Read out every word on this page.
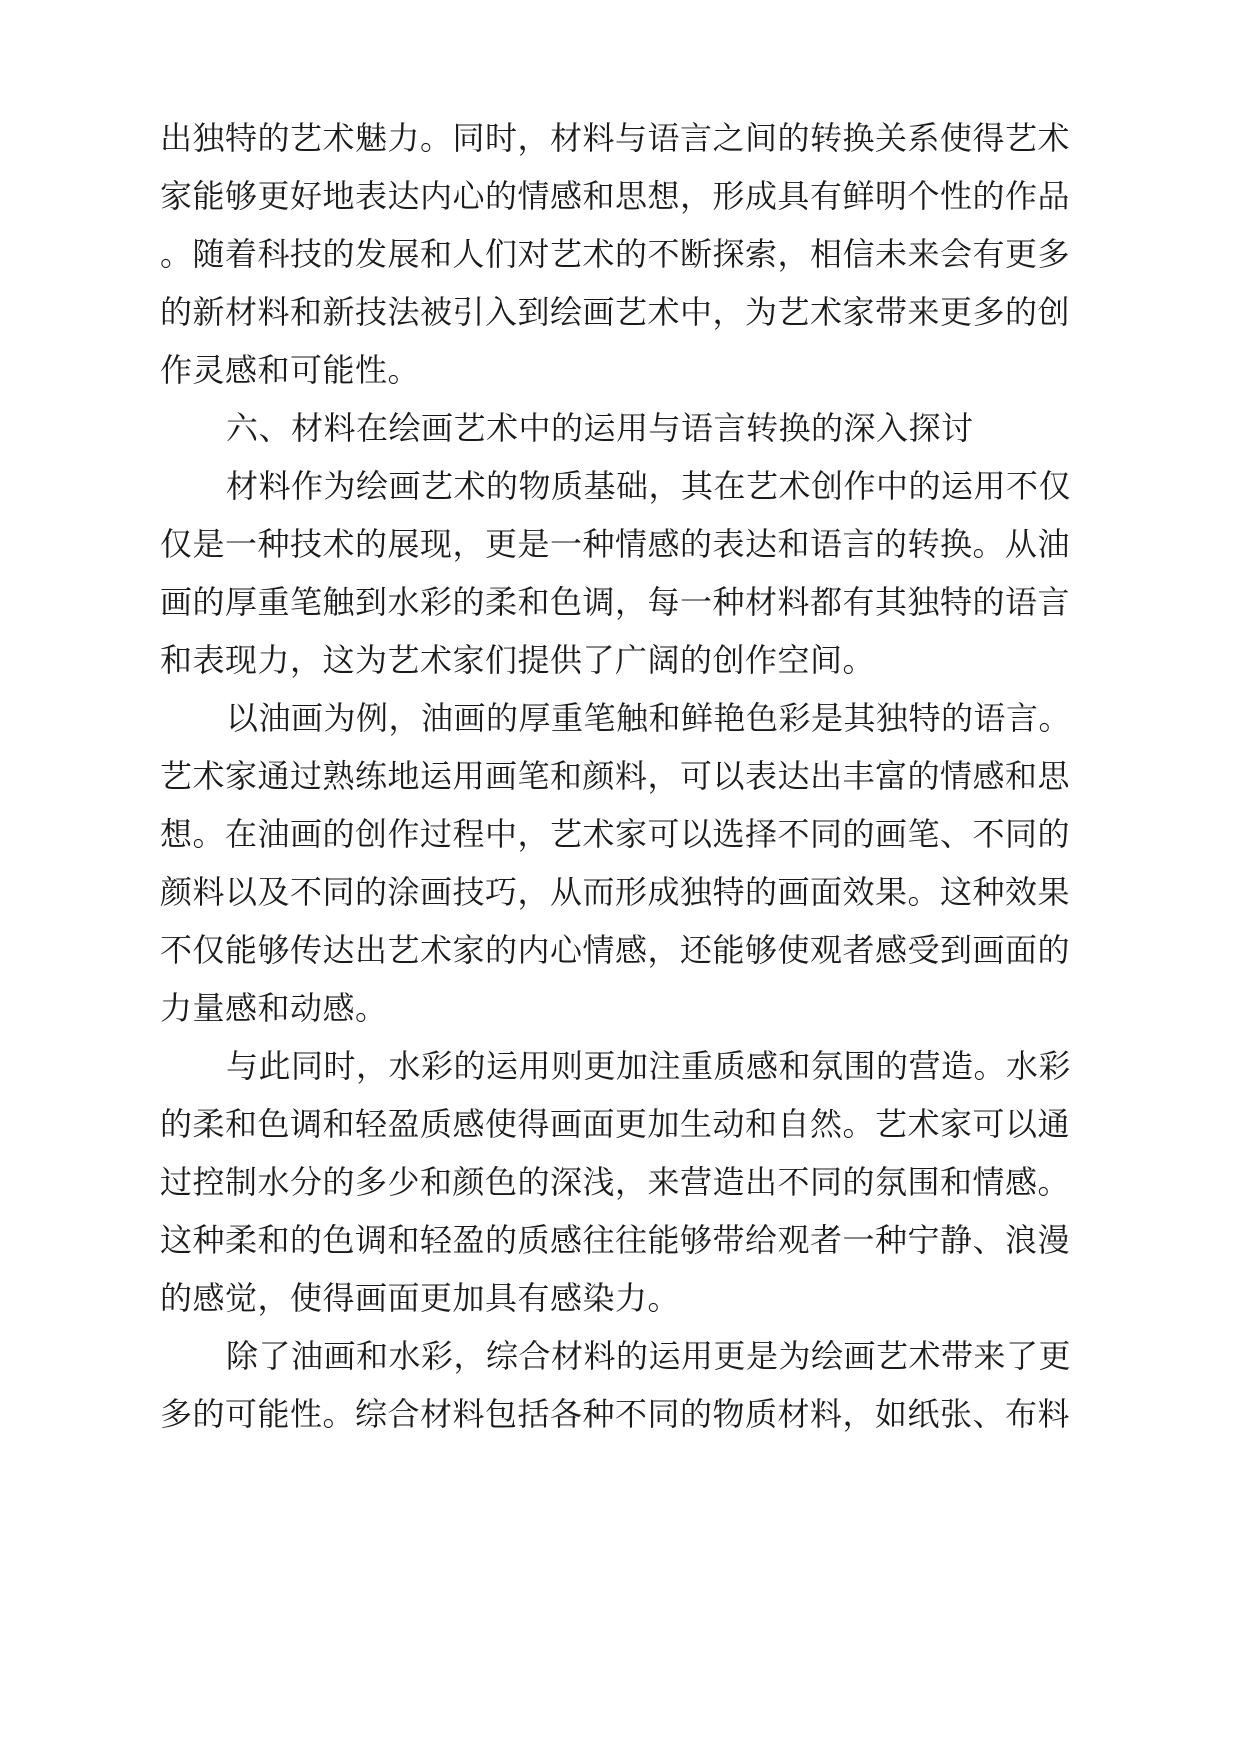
出独特的艺术魅力。同时，材料与语言之间的转换关系使得艺术
家能够更好地表达内心的情感和思想，形成具有鲜明个性的作品
。随着科技的发展和人们对艺术的不断探索，相信未来会有更多
的新材料和新技法被引入到绘画艺术中，为艺术家带来更多的创
作灵感和可能性。
六、材料在绘画艺术中的运用与语言转换的深入探讨
材料作为绘画艺术的物质基础，其在艺术创作中的运用不仅
仅是一种技术的展现，更是一种情感的表达和语言的转换。从油
画的厚重笔触到水彩的柔和色调，每一种材料都有其独特的语言
和表现力，这为艺术家们提供了广阔的创作空间。
以油画为例，油画的厚重笔触和鲜艳色彩是其独特的语言。
艺术家通过熟练地运用画笔和颜料，可以表达出丰富的情感和思
想。在油画的创作过程中，艺术家可以选择不同的画笔、不同的
颜料以及不同的涂画技巧，从而形成独特的画面效果。这种效果
不仅能够传达出艺术家的内心情感，还能够使观者感受到画面的
力量感和动感。
与此同时，水彩的运用则更加注重质感和氛围的营造。水彩
的柔和色调和轻盈质感使得画面更加生动和自然。艺术家可以通
过控制水分的多少和颜色的深浅，来营造出不同的氛围和情感。
这种柔和的色调和轻盈的质感往往能够带给观者一种宁静、浪漫
的感觉，使得画面更加具有感染力。
除了油画和水彩，综合材料的运用更是为绘画艺术带来了更
多的可能性。综合材料包括各种不同的物质材料，如纸张、布料
